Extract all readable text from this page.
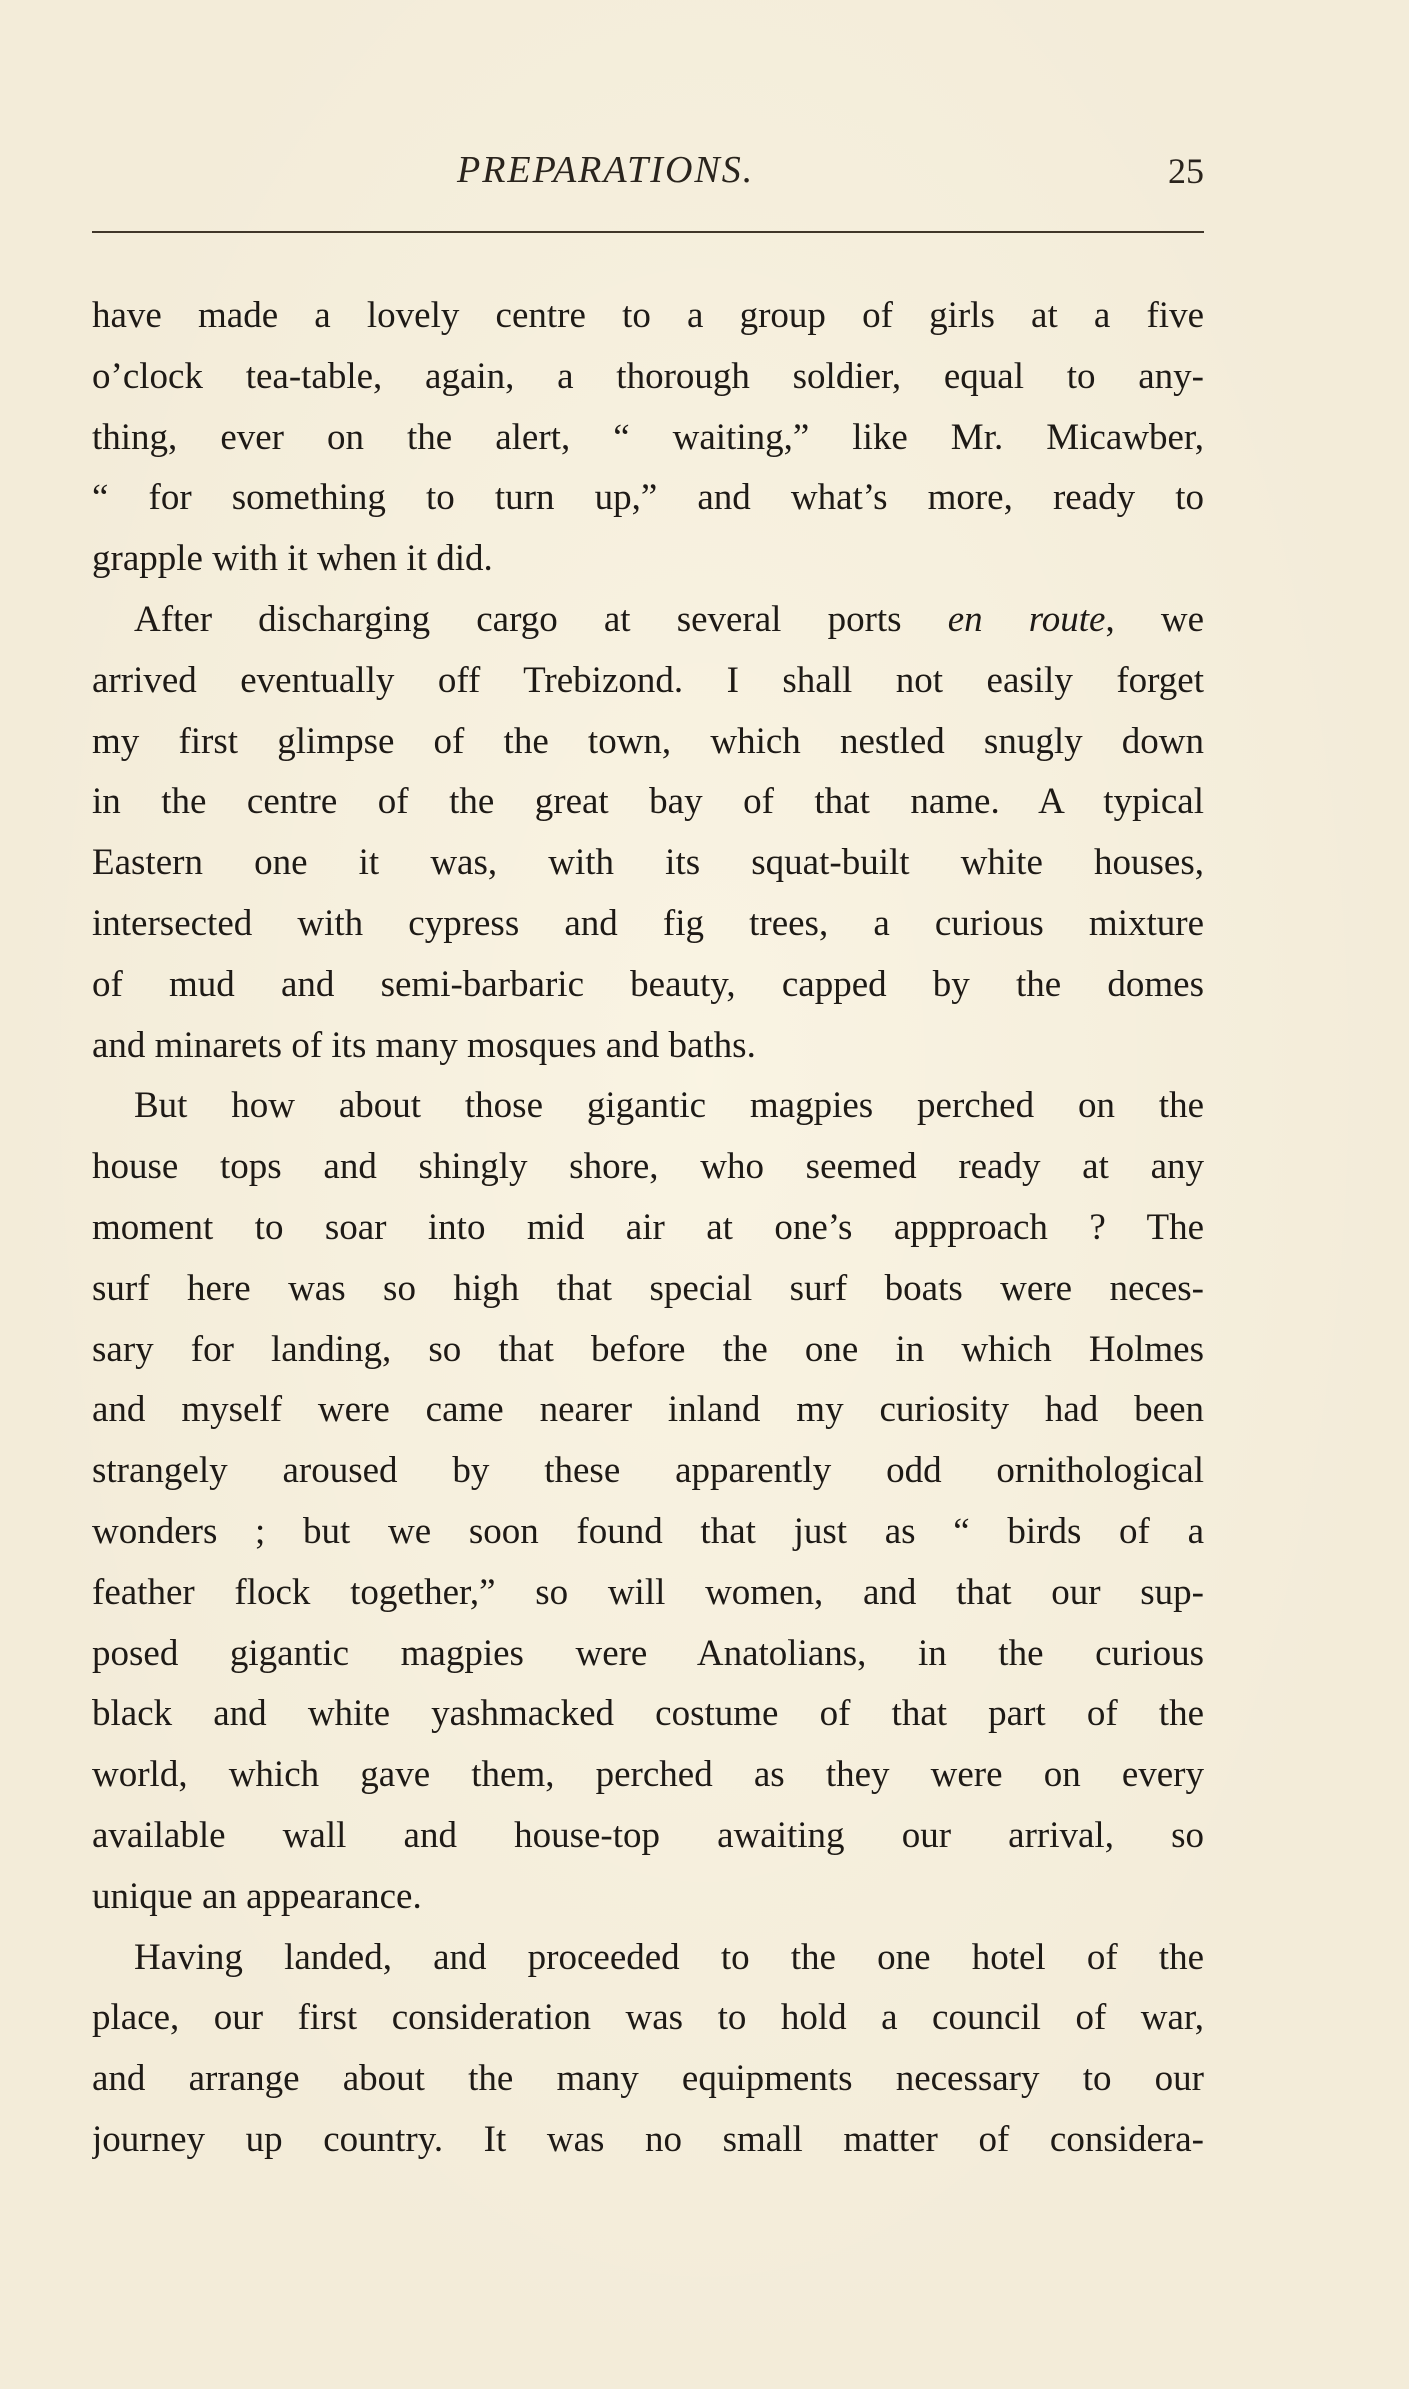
PREPARATIONS.	25
have made a lovely centre to a group of girls at a five
o’clock tea-table, again, a thorough soldier, equal to any-
thing, ever on the alert, “ waiting,” like Mr. Micawber,
“ for something to turn up,” and what’s more, ready to
grapple with it when it did.
After discharging cargo at several ports en route, we
arrived eventually off Trebizond. I shall not easily forget
my first glimpse of the town, which nestled snugly down
in the centre of the great bay of that name. A typical
Eastern one it was, with its squat-built white houses,
intersected with cypress and fig trees, a curious mixture
of mud and semi-barbaric beauty, capped by the domes
and minarets of its many mosques and baths.
But how about those gigantic magpies perched on the
house tops and shingly shore, who seemed ready at any
moment to soar into mid air at one’s appproach ? The
surf here was so high that special surf boats were neces-
sary for landing, so that before the one in which Holmes
and myself were came nearer inland my curiosity had been
strangely aroused by these apparently odd ornithological
wonders ; but we soon found that just as “ birds of a
feather flock together,” so will women, and that our sup-
posed gigantic magpies were Anatolians, in the curious
black and white yashmacked costume of that part of the
world, which gave them, perched as they were on every
available wall and house-top awaiting our arrival, so
unique an appearance.
Having landed, and proceeded to the one hotel of the
place, our first consideration was to hold a council of war,
and arrange about the many equipments necessary to our
journey up country. It was no small matter of considera-
